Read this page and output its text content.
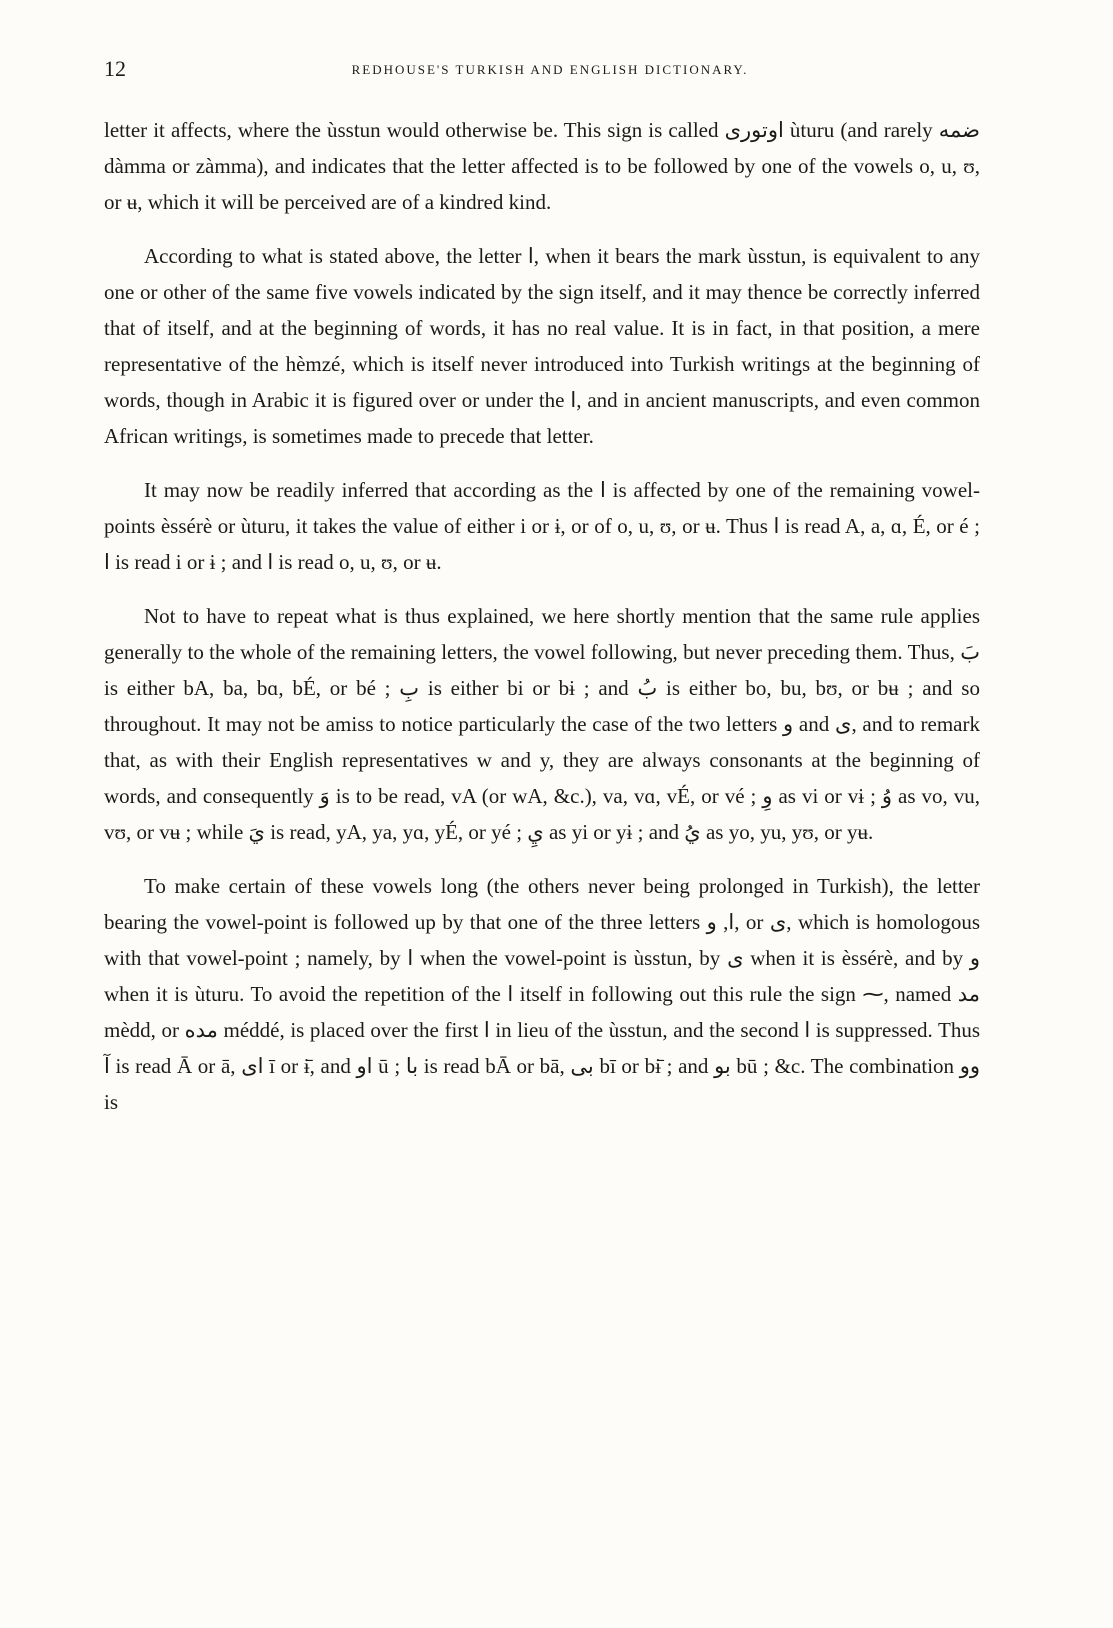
12	REDHOUSE'S TURKISH AND ENGLISH DICTIONARY.

letter it affects, where the ùsstun would otherwise be. This sign is called اوتورى ùturu (and rarely ضمه dàmma or zàmma), and indicates that the letter affected is to be followed by one of the vowels o, u, ʊ, or ʉ, which it will be perceived are of a kindred kind.

According to what is stated above, the letter ا, when it bears the mark ùsstun, is equivalent to any one or other of the same five vowels indicated by the sign itself, and it may thence be correctly inferred that of itself, and at the beginning of words, it has no real value. It is in fact, in that position, a mere representative of the hèmzé, which is itself never introduced into Turkish writings at the beginning of words, though in Arabic it is figured over or under the ا, and in ancient manuscripts, and even common African writings, is sometimes made to precede that letter.

It may now be readily inferred that according as the ا is affected by one of the remaining vowel-points èssérè or ùturu, it takes the value of either i or ɨ, or of o, u, ʊ, or ʉ. Thus ا is read A, a, ɑ, É, or é ; ا is read i or ɨ ; and ا is read o, u, ʊ, or ʉ.

Not to have to repeat what is thus explained, we here shortly mention that the same rule applies generally to the whole of the remaining letters, the vowel following, but never preceding them. Thus, بَ is either bA, ba, bɑ, bÉ, or bé ; بِ is either bi or bɨ ; and بُ is either bo, bu, bʊ, or bʉ ; and so throughout. It may not be amiss to notice particularly the case of the two letters و and ى, and to remark that, as with their English representatives w and y, they are always consonants at the beginning of words, and consequently وَ is to be read, vA (or wA, &c.), va, vɑ, vÉ, or vé ; وِ as vi or vɨ ; وُ as vo, vu, vʊ, or vʉ ; while يَ is read, yA, ya, yɑ, yÉ, or yé ; يِ as yi or yɨ ; and يُ as yo, yu, yʊ, or yʉ.

To make certain of these vowels long (the others never being prolonged in Turkish), the letter bearing the vowel-point is followed up by that one of the three letters ا, و, or ى, which is homologous with that vowel-point ; namely, by ا when the vowel-point is ùsstun, by ى when it is èssérè, and by و when it is ùturu. To avoid the repetition of the ا itself in following out this rule the sign ⁓, named مد mèdd, or مده méddé, is placed over the first ا in lieu of the ùsstun, and the second ا is suppressed. Thus آ is read Ā or ā, ای ī or ɨ̄, and او ū ; با is read bĀ or bā, بى bī or bɨ̄ ; and بو bū ; &c. The combination وو is
